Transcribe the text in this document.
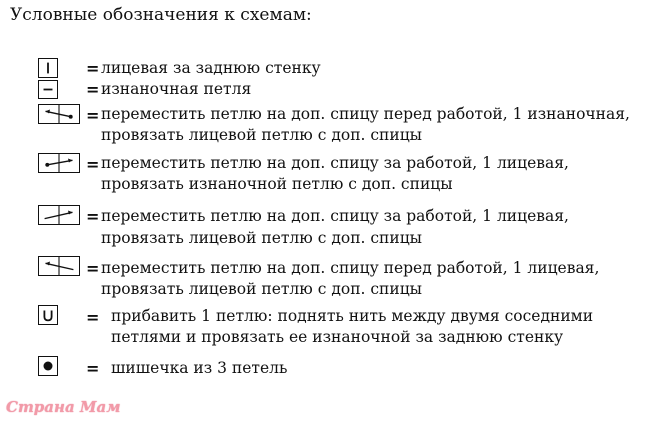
Условные обозначения к схемам:
= лицевая за заднюю стенку
= изнаночная петля
= переместить петлю на доп. спицу перед работой, 1 изнаночная,
провязать лицевой петлю с доп. спицы
= переместить петлю на доп. спицу за работой, 1 лицевая,
провязать изнаночной петлю с доп. спицы
= переместить петлю на доп. спицу за работой, 1 лицевая,
провязать лицевой петлю с доп. спицы
= переместить петлю на доп. спицу перед работой, 1 лицевая,
провязать лицевой петлю с доп. спицы
= прибавить 1 петлю: поднять нить между двумя соседними
петлями и провязать ее изнаночной за заднюю стенку
= шишечка из 3 петель
Страна Мам
